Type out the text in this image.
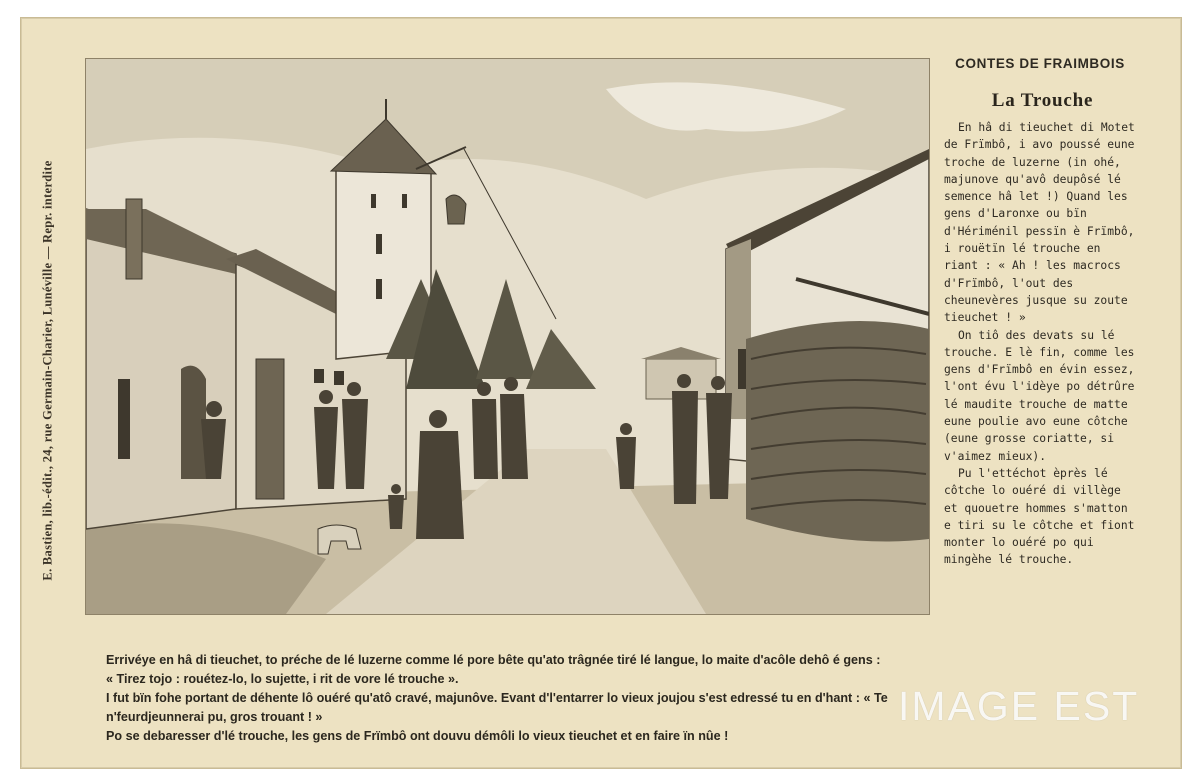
E. Bastien, lib.-édit., 24, rue Germain-Charier, Lunéville — Repr. interdite
CONTES DE FRAIMBOIS
La Trouche

En hâ di tieuchet di Motet de Frïmbô, i avo poussé eune troche de luzerne (in ohé, majunove qu'avô deupôsé lé semence hâ let !) Quand les gens d'Laronxe ou bïn d'Hériménil pessïn è Frïmbô, i rouëtïn lé trouche en riant : « Ah ! les macrocs d'Frïmbô, l'out des cheunevères jusque su zoute tieuchet ! »

On tiô des devats su lé trouche. E lè fin, comme les gens d'Frïmbô en évin essez, l'ont évu l'idèye po détrûre lé maudite trouche de matte eune poulie avo eune côtche (eune grosse coriatte, si v'aimez mieux).

Pu l'ettéchot èprès lé côtche lo ouéré di villège et quouetre hommes s'matton e tiri su le côtche et fiont monter lo ouéré po qui mingèhe lé trouche.

Errivéye en hâ di tieuchet, to préche de lé luzerne comme lé pore bête qu'ato trâgnée tiré lé langue, lo maite d'acôle dehô é gens :

« Tirez tojo : rouétez-lo, lo sujette, i rit de vore lé trouche ».

I fut bïn fohe portant de déhente lô ouéré qu'atô cravé, majunôve. Evant d'l'entarrer lo vieux joujou s'est edressé tu en d'hant : « Te

n'feurdjeunnerai pu, gros trouant ! »

Po se debaresser d'lé trouche, les gens de Frïmbô ont douvu démôli lo vieux tieuchet et en faire ïn nûe !

IMAGE EST
